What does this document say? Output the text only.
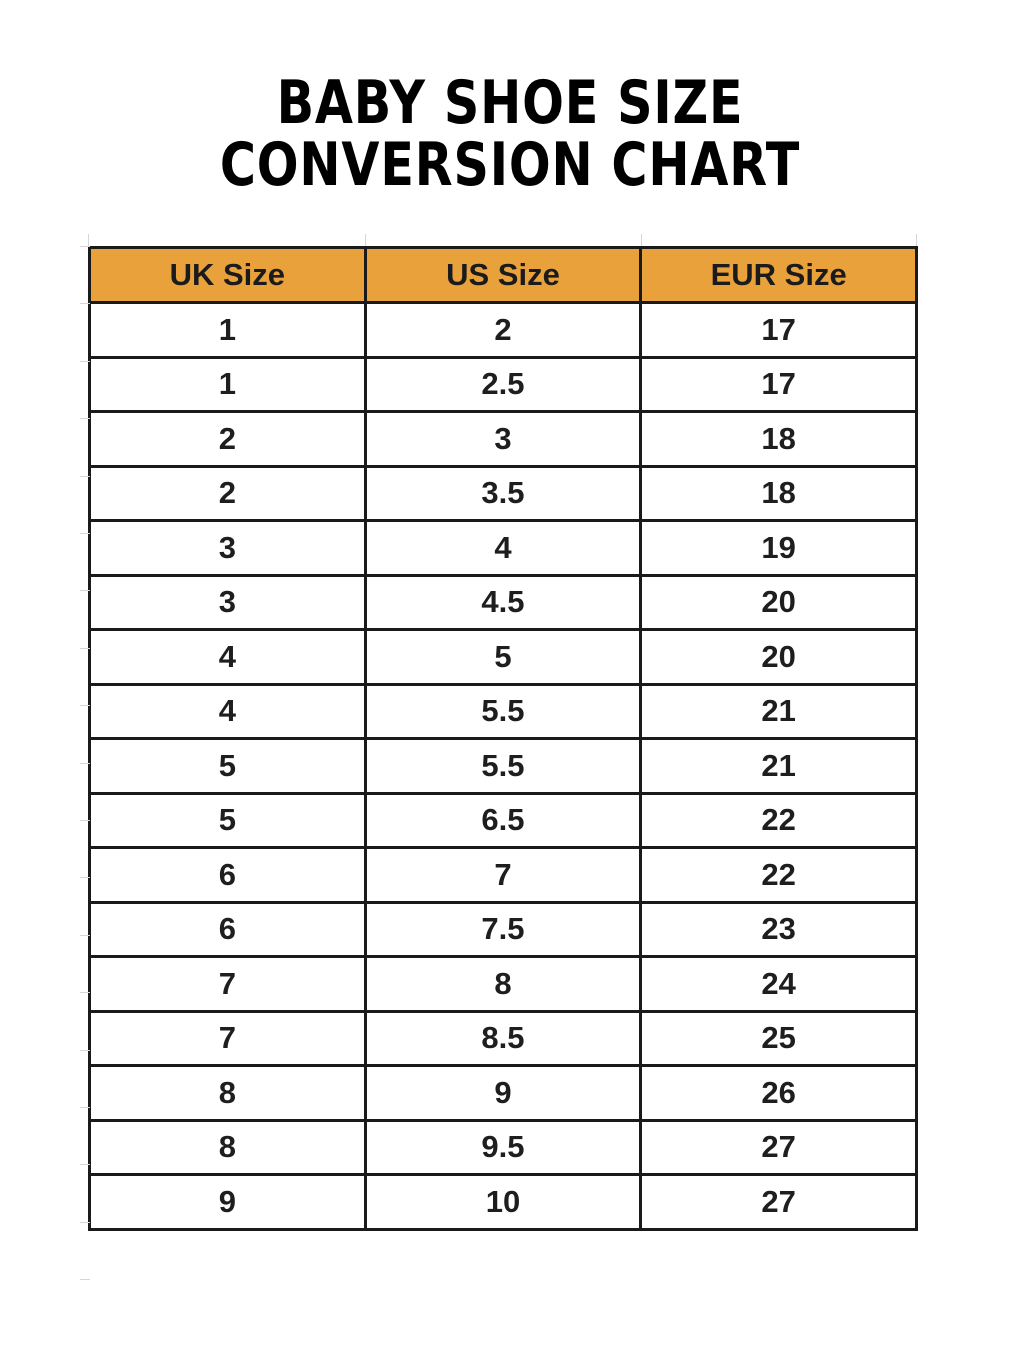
BABY SHOE SIZE
CONVERSION CHART
UK Size	US Size	EUR Size
1	2	17
1	2.5	17
2	3	18
2	3.5	18
3	4	19
3	4.5	20
4	5	20
4	5.5	21
5	5.5	21
5	6.5	22
6	7	22
6	7.5	23
7	8	24
7	8.5	25
8	9	26
8	9.5	27
9	10	27
